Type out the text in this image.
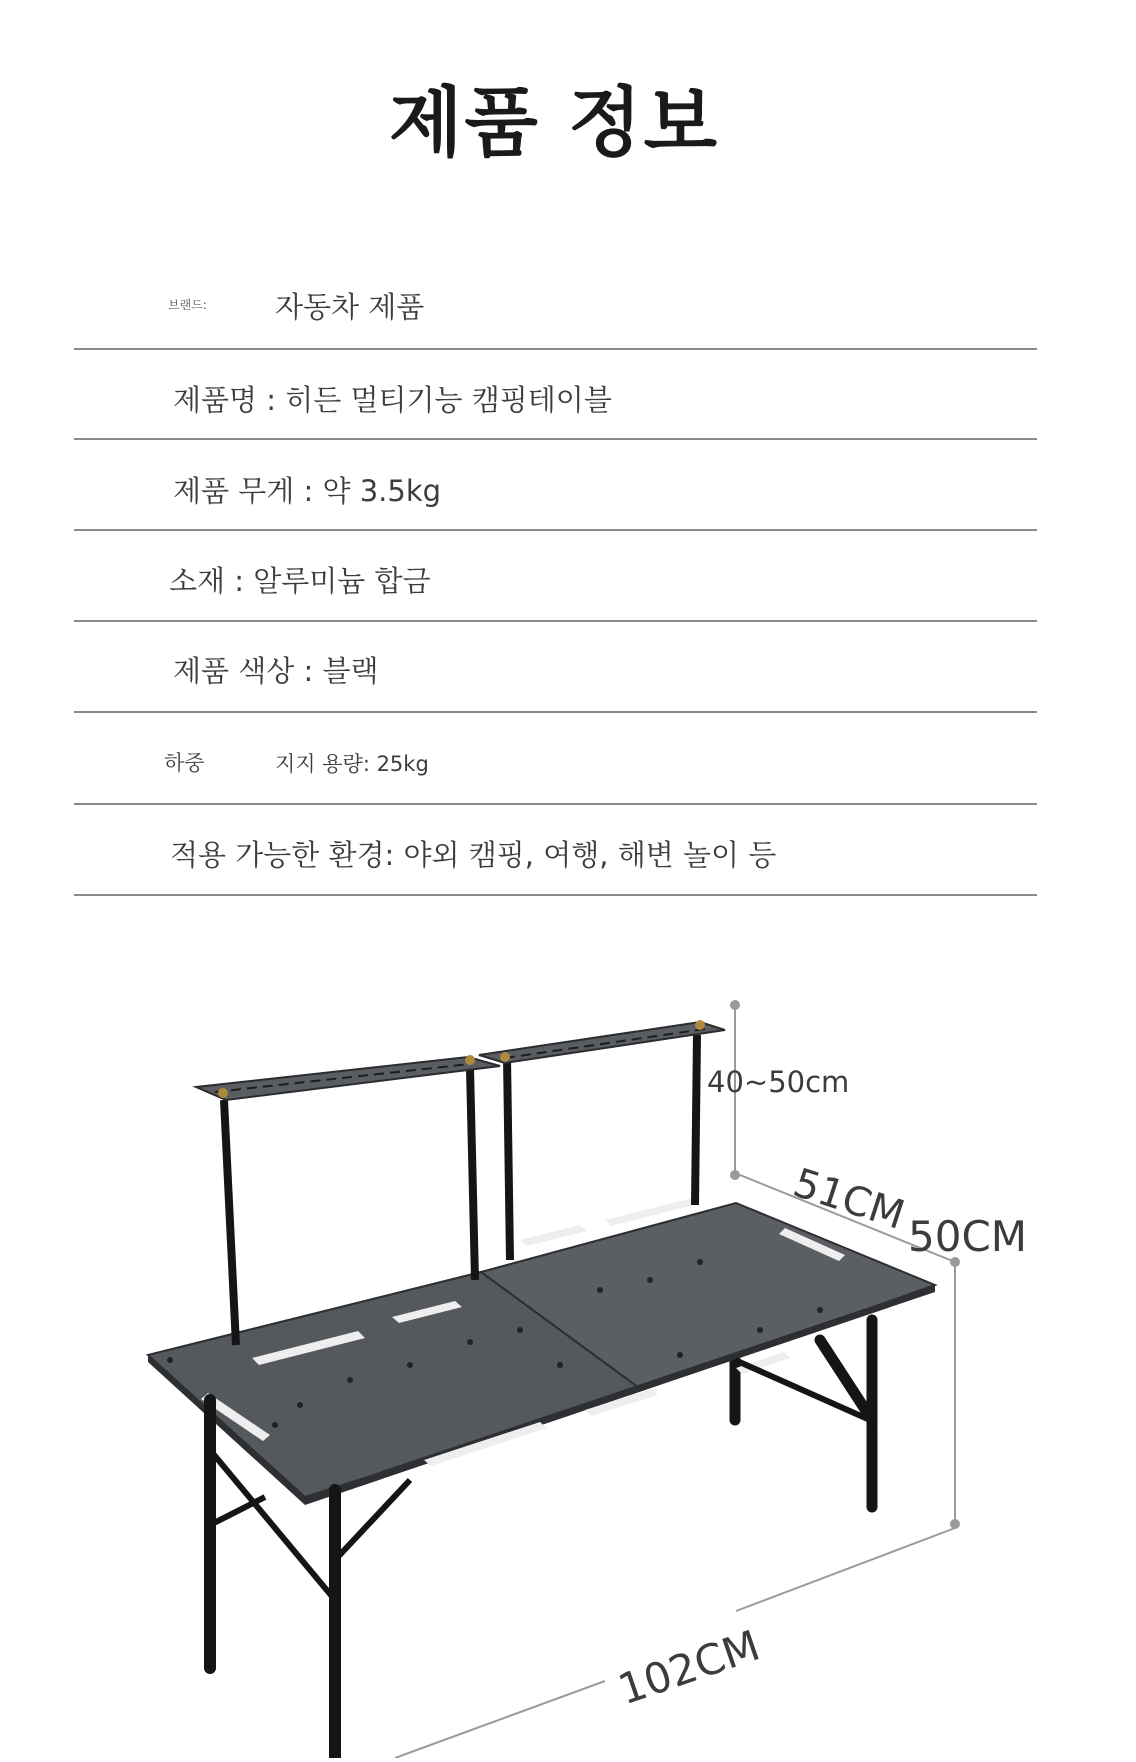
제품 정보
브랜드: 자동차 제품
제품명 : 히든 멀티기능 캠핑테이블
제품 무게 : 약 3.5kg
소재 : 알루미늄 합금
제품 색상 : 블랙
하중	지지 용량: 25kg
적용 가능한 환경: 야외 캠핑, 여행, 해변 놀이 등
40~50cm
51CM
50CM
102CM
